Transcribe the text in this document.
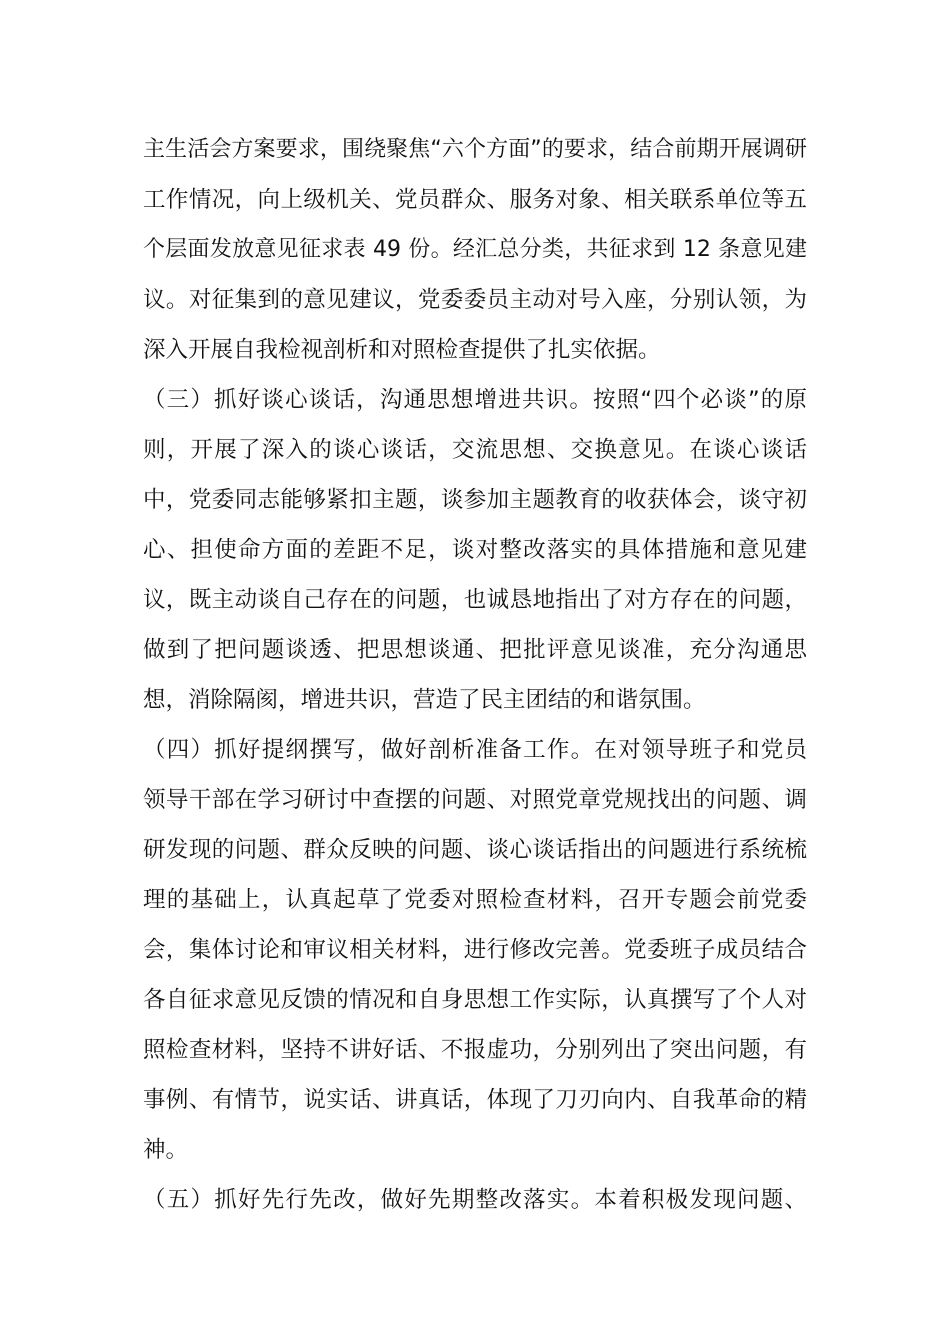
主生活会方案要求，围绕聚焦“六个方面”的要求，结合前期开展调研
工作情况，向上级机关、党员群众、服务对象、相关联系单位等五
个层面发放意见征求表 49 份。经汇总分类，共征求到 12 条意见建
议。对征集到的意见建议，党委委员主动对号入座，分别认领，为
深入开展自我检视剖析和对照检查提供了扎实依据。
（三）抓好谈心谈话，沟通思想增进共识。按照“四个必谈”的原
则，开展了深入的谈心谈话，交流思想、交换意见。在谈心谈话
中，党委同志能够紧扣主题，谈参加主题教育的收获体会，谈守初
心、担使命方面的差距不足，谈对整改落实的具体措施和意见建
议，既主动谈自己存在的问题，也诚恳地指出了对方存在的问题，
做到了把问题谈透、把思想谈通、把批评意见谈准，充分沟通思
想，消除隔阂，增进共识，营造了民主团结的和谐氛围。
（四）抓好提纲撰写，做好剖析准备工作。在对领导班子和党员
领导干部在学习研讨中查摆的问题、对照党章党规找出的问题、调
研发现的问题、群众反映的问题、谈心谈话指出的问题进行系统梳
理的基础上，认真起草了党委对照检查材料，召开专题会前党委
会，集体讨论和审议相关材料，进行修改完善。党委班子成员结合
各自征求意见反馈的情况和自身思想工作实际，认真撰写了个人对
照检查材料，坚持不讲好话、不报虚功，分别列出了突出问题，有
事例、有情节，说实话、讲真话，体现了刀刃向内、自我革命的精
神。
（五）抓好先行先改，做好先期整改落实。本着积极发现问题、
